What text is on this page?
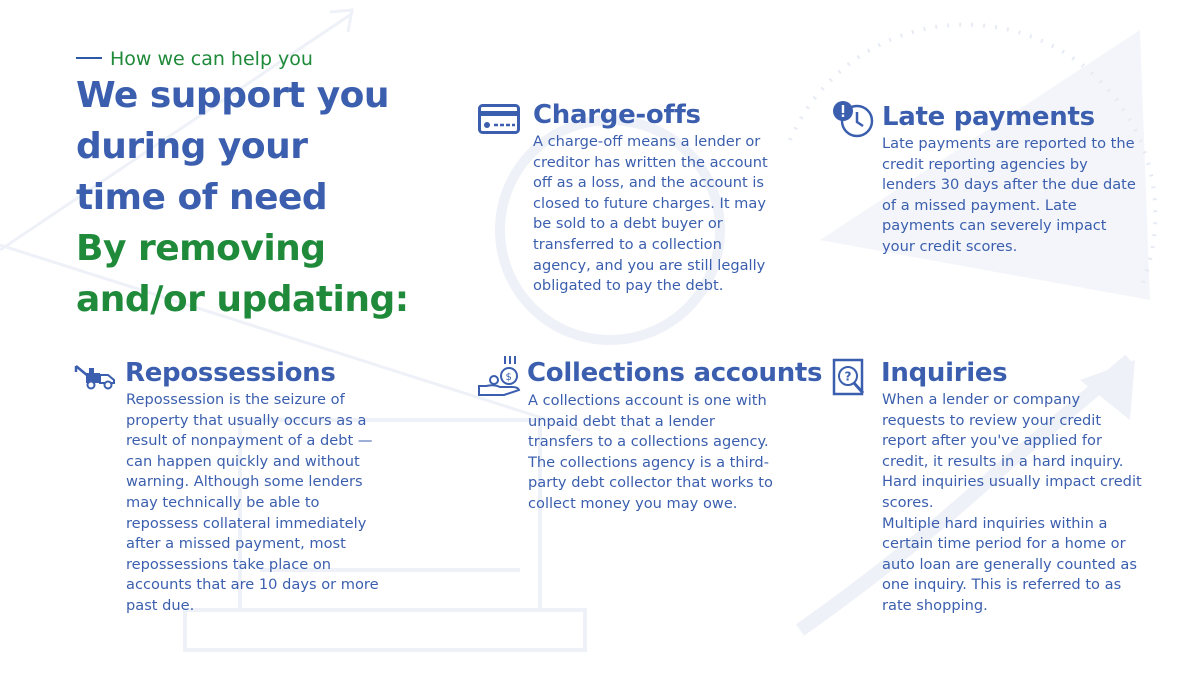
How we can help you
We support you
during your
time of need
By removing
and/or updating:
Charge-offs

A charge-off means a lender or creditor has written the account off as a loss, and the account is closed to future charges. It may be sold to a debt buyer or transferred to a collection agency, and you are still legally obligated to pay the debt.

Late payments

Late payments are reported to the credit reporting agencies by lenders 30 days after the due date of a missed payment. Late payments can severely impact your credit scores.

Repossessions

Repossession is the seizure of property that usually occurs as a result of nonpayment of a debt — can happen quickly and without warning. Although some lenders may technically be able to repossess collateral immediately after a missed payment, most repossessions take place on accounts that are 10 days or more past due.

$ Collections accounts

A collections account is one with unpaid debt that a lender transfers to a collections agency. The collections agency is a third-party debt collector that works to collect money you may owe.

? Inquiries

When a lender or company requests to review your credit report after you've applied for credit, it results in a hard inquiry. Hard inquiries usually impact credit scores.
Multiple hard inquiries within a certain time period for a home or auto loan are generally counted as one inquiry. This is referred to as rate shopping.
